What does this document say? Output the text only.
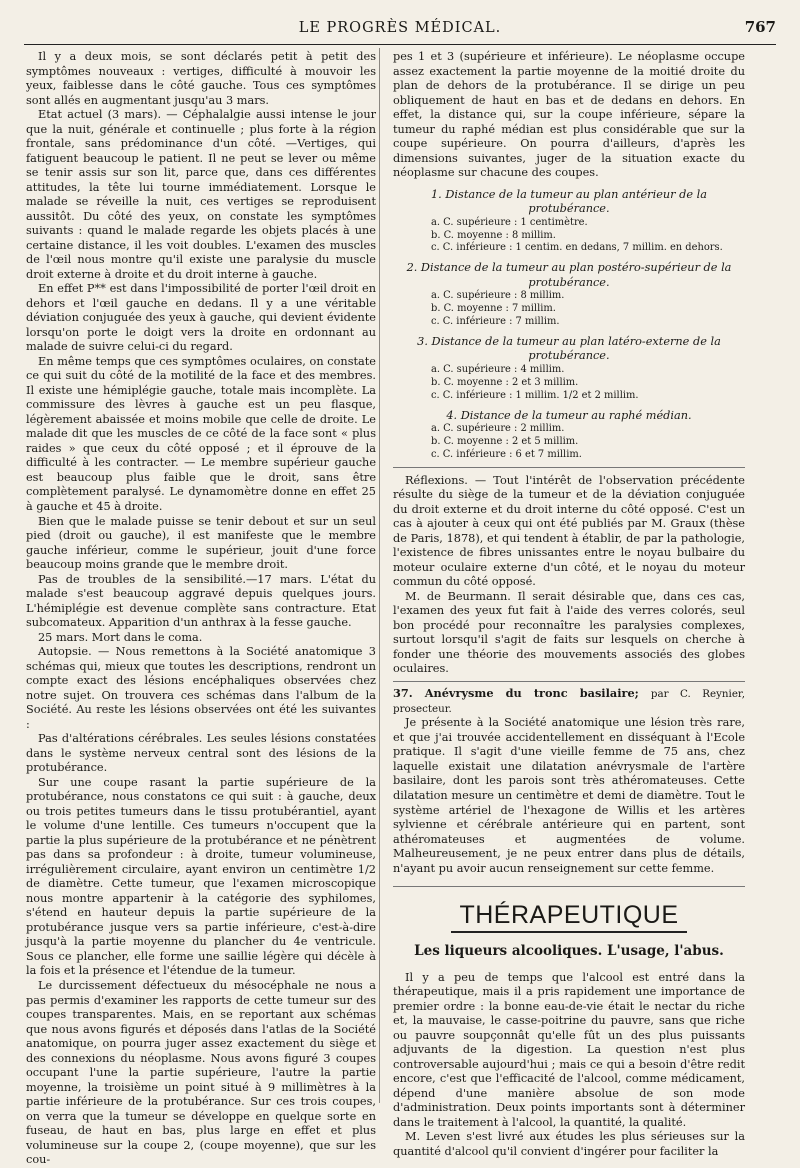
LE PROGRÈS MÉDICAL.	767

Il y a deux mois, se sont déclarés petit à petit des symptômes nouveaux : vertiges, difficulté à mouvoir les yeux, faiblesse dans le côté gauche. Tous ces symptômes sont allés en augmentant jusqu'au 3 mars.

Etat actuel (3 mars). — Céphalalgie aussi intense le jour que la nuit, générale et continuelle ; plus forte à la région frontale, sans prédominance d'un côté. —Vertiges, qui fatiguent beaucoup le patient. Il ne peut se lever ou même se tenir assis sur son lit, parce que, dans ces différentes attitudes, la tête lui tourne immédiatement. Lorsque le malade se réveille la nuit, ces vertiges se reproduisent aussitôt. Du côté des yeux, on constate les symptômes suivants : quand le malade regarde les objets placés à une certaine distance, il les voit doubles. L'examen des muscles de l'œil nous montre qu'il existe une paralysie du muscle droit externe à droite et du droit interne à gauche.

En effet P** est dans l'impossibilité de porter l'œil droit en dehors et l'œil gauche en dedans. Il y a une véritable déviation conjuguée des yeux à gauche, qui devient évidente lorsqu'on porte le doigt vers la droite en ordonnant au malade de suivre celui-ci du regard.

En même temps que ces symptômes oculaires, on constate ce qui suit du côté de la motilité de la face et des membres. Il existe une hémiplégie gauche, totale mais incomplète. La commissure des lèvres à gauche est un peu flasque, légèrement abaissée et moins mobile que celle de droite. Le malade dit que les muscles de ce côté de la face sont « plus raides » que ceux du côté opposé ; et il éprouve de la difficulté à les contracter. — Le membre supérieur gauche est beaucoup plus faible que le droit, sans être complètement paralysé. Le dynamomètre donne en effet 25 à gauche et 45 à droite.

Bien que le malade puisse se tenir debout et sur un seul pied (droit ou gauche), il est manifeste que le membre gauche inférieur, comme le supérieur, jouit d'une force beaucoup moins grande que le membre droit.

Pas de troubles de la sensibilité.—17 mars. L'état du malade s'est beaucoup aggravé depuis quelques jours. L'hémiplégie est devenue complète sans contracture. Etat subcomateux. Apparition d'un anthrax à la fesse gauche.

25 mars. Mort dans le coma.

Autopsie. — Nous remettons à la Société anatomique 3 schémas qui, mieux que toutes les descriptions, rendront un compte exact des lésions encéphaliques observées chez notre sujet. On trouvera ces schémas dans l'album de la Société. Au reste les lésions observées ont été les suivantes :

Pas d'altérations cérébrales. Les seules lésions constatées dans le système nerveux central sont des lésions de la protubérance.

Sur une coupe rasant la partie supérieure de la protubérance, nous constatons ce qui suit : à gauche, deux ou trois petites tumeurs dans le tissu protubérantiel, ayant le volume d'une lentille. Ces tumeurs n'occupent que la partie la plus supérieure de la protubérance et ne pénètrent pas dans sa profondeur : à droite, tumeur volumineuse, irrégulièrement circulaire, ayant environ un centimètre 1/2 de diamètre. Cette tumeur, que l'examen microscopique nous montre appartenir à la catégorie des syphilomes, s'étend en hauteur depuis la partie supérieure de la protubérance jusque vers sa partie inférieure, c'est-à-dire jusqu'à la partie moyenne du plancher du 4e ventricule. Sous ce plancher, elle forme une saillie légère qui décèle à la fois et la présence et l'étendue de la tumeur.

Le durcissement défectueux du mésocéphale ne nous a pas permis d'examiner les rapports de cette tumeur sur des coupes transparentes. Mais, en se reportant aux schémas que nous avons figurés et déposés dans l'atlas de la Société anatomique, on pourra juger assez exactement du siège et des connexions du néoplasme. Nous avons figuré 3 coupes occupant l'une la partie supérieure, l'autre la partie moyenne, la troisième un point situé à 9 millimètres à la partie inférieure de la protubérance. Sur ces trois coupes, on verra que la tumeur se développe en quelque sorte en fuseau, de haut en bas, plus large en effet et plus volumineuse sur la coupe 2, (coupe moyenne), que sur les cou-

pes 1 et 3 (supérieure et inférieure). Le néoplasme occupe assez exactement la partie moyenne de la moitié droite du plan de dehors de la protubérance. Il se dirige un peu obliquement de haut en bas et de dedans en dehors. En effet, la distance qui, sur la coupe inférieure, sépare la tumeur du raphé médian est plus considérable que sur la coupe supérieure. On pourra d'ailleurs, d'après les dimensions suivantes, juger de la situation exacte du néoplasme sur chacune des coupes.

1. Distance de la tumeur au plan antérieur de la protubérance.
a. C. supérieure : 1 centimètre.
b. C. moyenne : 8 millim.
c. C. inférieure : 1 centim. en dedans, 7 millim. en dehors.
2. Distance de la tumeur au plan postéro-supérieur de la protubérance.
a. C. supérieure : 8 millim.
b. C. moyenne : 7 millim.
c. C. inférieure : 7 millim.
3. Distance de la tumeur au plan latéro-externe de la protubérance.
a. C. supérieure : 4 millim.
b. C. moyenne : 2 et 3 millim.
c. C. inférieure : 1 millim. 1/2 et 2 millim.
4. Distance de la tumeur au raphé médian.
a. C. supérieure : 2 millim.
b. C. moyenne : 2 et 5 millim.
c. C. inférieure : 6 et 7 millim.

Réflexions. — Tout l'intérêt de l'observation précédente résulte du siège de la tumeur et de la déviation conjuguée du droit externe et du droit interne du côté opposé. C'est un cas à ajouter à ceux qui ont été publiés par M. Graux (thèse de Paris, 1878), et qui tendent à établir, de par la pathologie, l'existence de fibres unissantes entre le noyau bulbaire du moteur oculaire externe d'un côté, et le noyau du moteur commun du côté opposé.

M. de Beurmann. Il serait désirable que, dans ces cas, l'examen des yeux fut fait à l'aide des verres colorés, seul bon procédé pour reconnaître les paralysies complexes, surtout lorsqu'il s'agit de faits sur lesquels on cherche à fonder une théorie des mouvements associés des globes oculaires.

37. Anévrysme du tronc basilaire; par C. Reynier, prosecteur.

Je présente à la Société anatomique une lésion très rare, et que j'ai trouvée accidentellement en disséquant à l'Ecole pratique. Il s'agit d'une vieille femme de 75 ans, chez laquelle existait une dilatation anévrysmale de l'artère basilaire, dont les parois sont très athéromateuses. Cette dilatation mesure un centimètre et demi de diamètre. Tout le système artériel de l'hexagone de Willis et les artères sylvienne et cérébrale antérieure qui en partent, sont athéromateuses et augmentées de volume. Malheureusement, je ne peux entrer dans plus de détails, n'ayant pu avoir aucun renseignement sur cette femme.

THÉRAPEUTIQUE
Les liqueurs alcooliques. L'usage, l'abus.

Il y a peu de temps que l'alcool est entré dans la thérapeutique, mais il a pris rapidement une importance de premier ordre : la bonne eau-de-vie était le nectar du riche et, la mauvaise, le casse-poitrine du pauvre, sans que riche ou pauvre soupçonnât qu'elle fût un des plus puissants adjuvants de la digestion. La question n'est plus controversable aujourd'hui ; mais ce qui a besoin d'être redit encore, c'est que l'efficacité de l'alcool, comme médicament, dépend d'une manière absolue de son mode d'administration. Deux points importants sont à déterminer dans le traitement à l'alcool, la quantité, la qualité.

M. Leven s'est livré aux études les plus sérieuses sur la quantité d'alcool qu'il convient d'ingérer pour faciliter la
